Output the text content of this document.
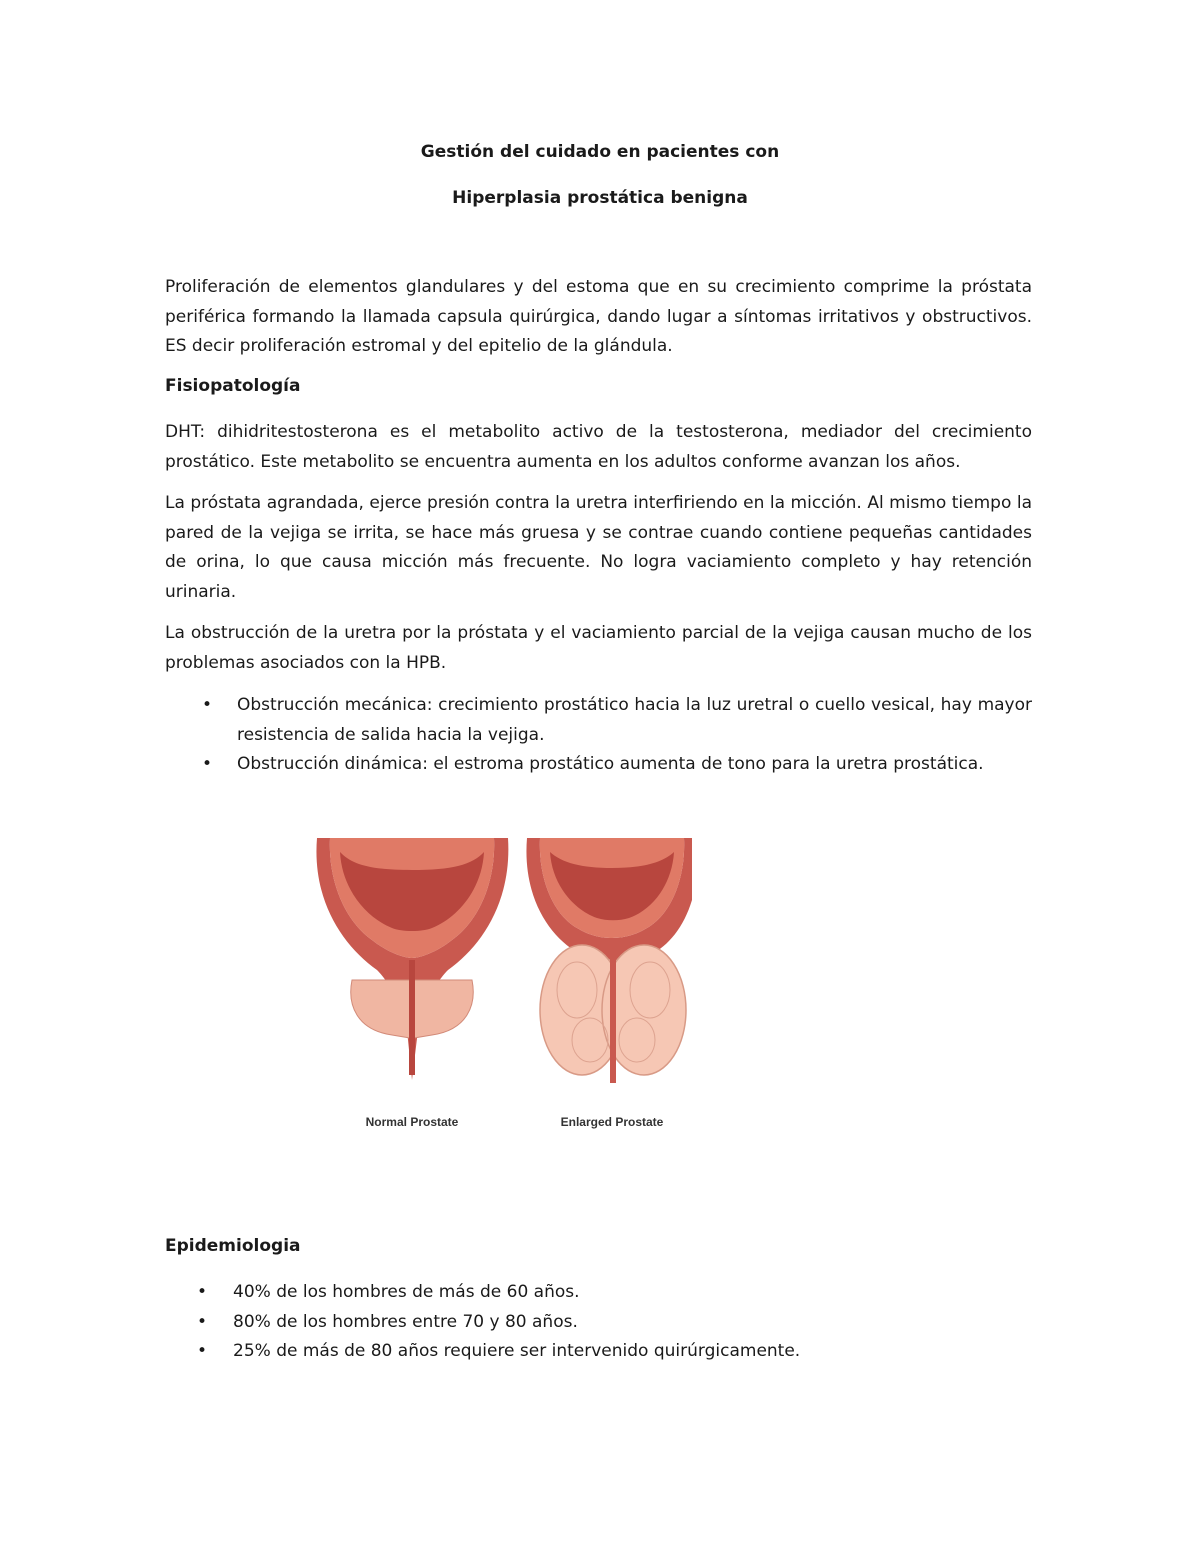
Gestión del cuidado en pacientes con
Hiperplasia prostática benigna

Proliferación de elementos glandulares y del estoma que en su crecimiento comprime la próstata periférica formando la llamada capsula quirúrgica, dando lugar a síntomas irritativos y obstructivos. ES decir proliferación estromal y del epitelio de la glándula.

Fisiopatología

DHT: dihidritestosterona es el metabolito activo de la testosterona, mediador del crecimiento prostático. Este metabolito se encuentra aumenta en los adultos conforme avanzan los años.

La próstata agrandada, ejerce presión contra la uretra interfiriendo en la micción. Al mismo tiempo la pared de la vejiga se irrita, se hace más gruesa y se contrae cuando contiene pequeñas cantidades de orina, lo que causa micción más frecuente. No logra vaciamiento completo y hay retención urinaria.

La obstrucción de la uretra por la próstata y el vaciamiento parcial de la vejiga causan mucho de los problemas asociados con la HPB.

• Obstrucción mecánica: crecimiento prostático hacia la luz uretral o cuello vesical, hay mayor resistencia de salida hacia la vejiga.
• Obstrucción dinámica: el estroma prostático aumenta de tono para la uretra prostática.
Normal Prostate	Enlarged Prostate
Epidemiologia
• 40% de los hombres de más de 60 años.
• 80% de los hombres entre 70 y 80 años.
• 25% de más de 80 años requiere ser intervenido quirúrgicamente.
